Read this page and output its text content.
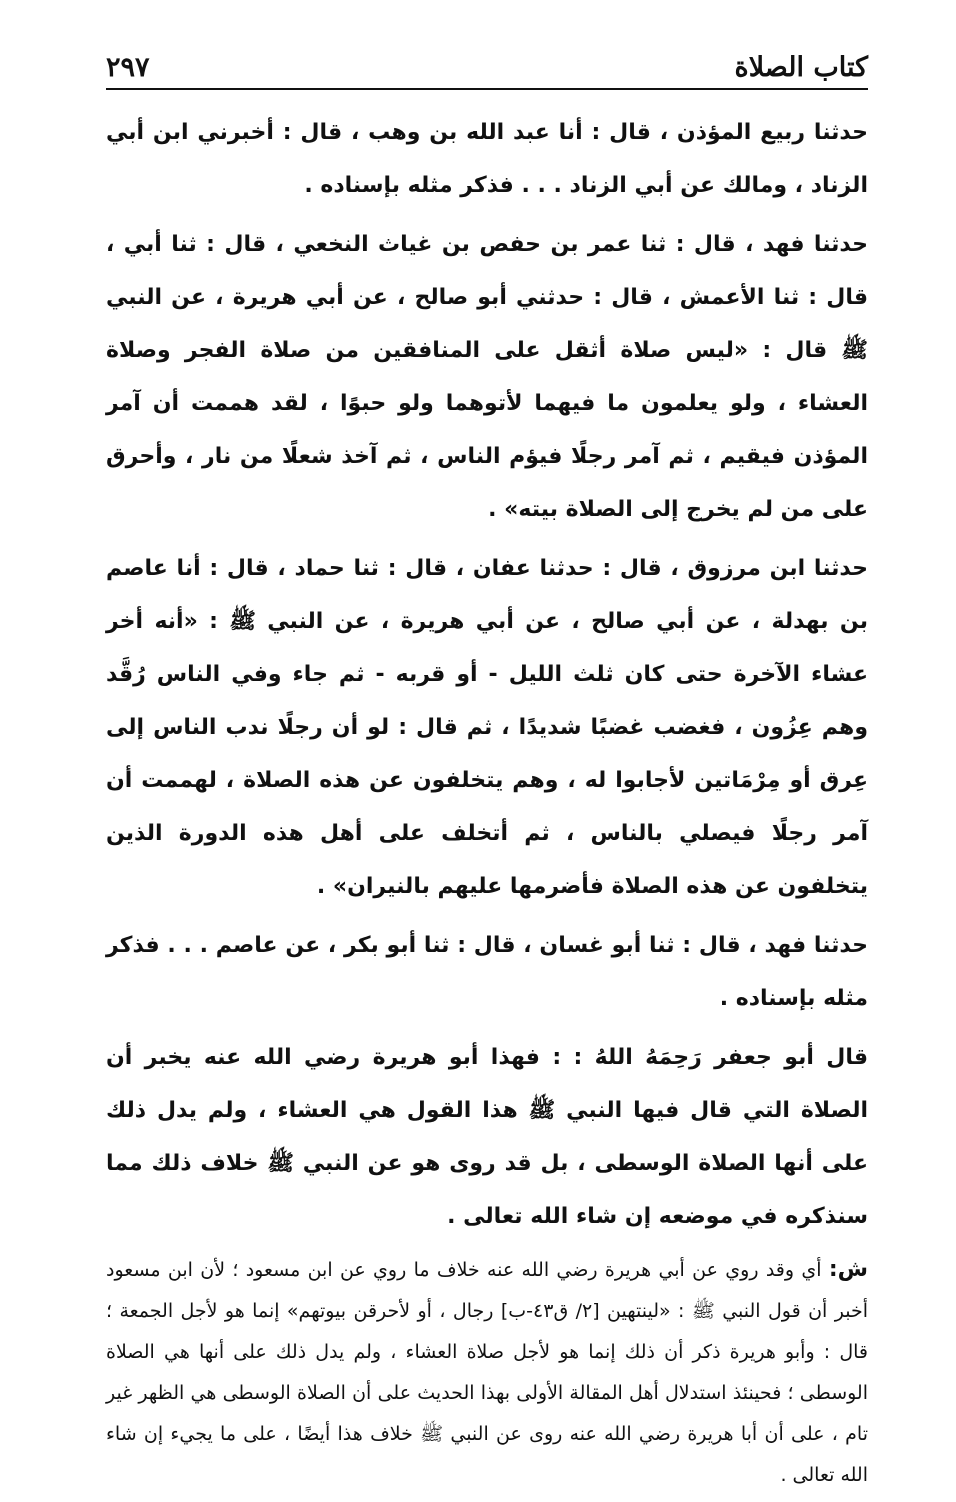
كتاب الصلاة
٢٩٧

حدثنا ربيع المؤذن ، قال : أنا عبد الله بن وهب ، قال : أخبرني ابن أبي الزناد ، ومالك عن أبي الزناد . . . فذكر مثله بإسناده .

حدثنا فهد ، قال : ثنا عمر بن حفص بن غياث النخعي ، قال : ثنا أبي ، قال : ثنا الأعمش ، قال : حدثني أبو صالح ، عن أبي هريرة ، عن النبي ﷺ قال : «ليس صلاة أثقل على المنافقين من صلاة الفجر وصلاة العشاء ، ولو يعلمون ما فيهما لأتوهما ولو حبوًا ، لقد هممت أن آمر المؤذن فيقيم ، ثم آمر رجلًا فيؤم الناس ، ثم آخذ شعلًا من نار ، وأحرق على من لم يخرج إلى الصلاة بيته» .

حدثنا ابن مرزوق ، قال : حدثنا عفان ، قال : ثنا حماد ، قال : أنا عاصم بن بهدلة ، عن أبي صالح ، عن أبي هريرة ، عن النبي ﷺ : «أنه أخر عشاء الآخرة حتى كان ثلث الليل - أو قربه - ثم جاء وفي الناس رُقَّد وهم عِزُون ، فغضب غضبًا شديدًا ، ثم قال : لو أن رجلًا ندب الناس إلى عِرق أو مِرْمَاتين لأجابوا له ، وهم يتخلفون عن هذه الصلاة ، لهممت أن آمر رجلًا فيصلي بالناس ، ثم أتخلف على أهل هذه الدورة الذين يتخلفون عن هذه الصلاة فأضرمها عليهم بالنيران» .

حدثنا فهد ، قال : ثنا أبو غسان ، قال : ثنا أبو بكر ، عن عاصم . . . فذكر مثله بإسناده .

قال أبو جعفر رَحِمَهُ اللهُ : : فهذا أبو هريرة رضي الله عنه يخبر أن الصلاة التي قال فيها النبي ﷺ هذا القول هي العشاء ، ولم يدل ذلك على أنها الصلاة الوسطى ، بل قد روى هو عن النبي ﷺ خلاف ذلك مما سنذكره في موضعه إن شاء الله تعالى .

ش: أي وقد روي عن أبي هريرة رضي الله عنه خلاف ما روي عن ابن مسعود ؛ لأن ابن مسعود أخبر أن قول النبي ﷺ : «لينتهين [٢/ ق٤٣-ب] رجال ، أو لأحرقن بيوتهم» إنما هو لأجل الجمعة ؛ قال : وأبو هريرة ذكر أن ذلك إنما هو لأجل صلاة العشاء ، ولم يدل ذلك على أنها هي الصلاة الوسطى ؛ فحينئذ استدلال أهل المقالة الأولى بهذا الحديث على أن الصلاة الوسطى هي الظهر غير تام ، على أن أبا هريرة رضي الله عنه روى عن النبي ﷺ خلاف هذا أيضًا ، على ما يجيء إن شاء الله تعالى .
